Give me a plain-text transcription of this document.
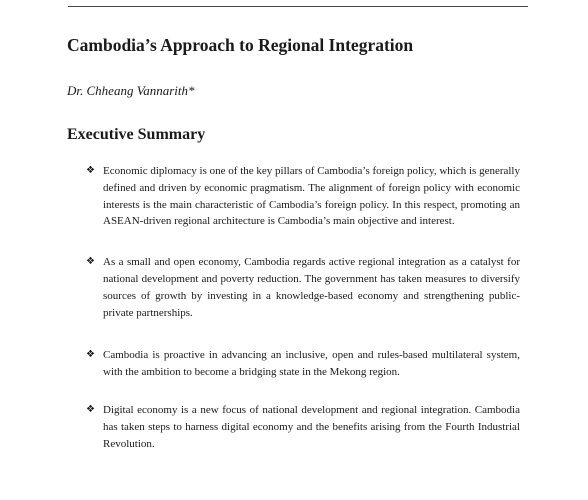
Cambodia’s Approach to Regional Integration

Dr. Chheang Vannarith*

Executive Summary
❖ Economic diplomacy is one of the key pillars of Cambodia’s foreign policy, which is generally defined and driven by economic pragmatism. The alignment of foreign policy with economic interests is the main characteristic of Cambodia’s foreign policy. In this respect, promoting an ASEAN-driven regional architecture is Cambodia’s main objective and interest.
❖ As a small and open economy, Cambodia regards active regional integration as a catalyst for national development and poverty reduction. The government has taken measures to diversify sources of growth by investing in a knowledge-based economy and strengthening public-private partnerships.
❖ Cambodia is proactive in advancing an inclusive, open and rules-based multilateral system, with the ambition to become a bridging state in the Mekong region.
❖ Digital economy is a new focus of national development and regional integration. Cambodia has taken steps to harness digital economy and the benefits arising from the Fourth Industrial Revolution.
